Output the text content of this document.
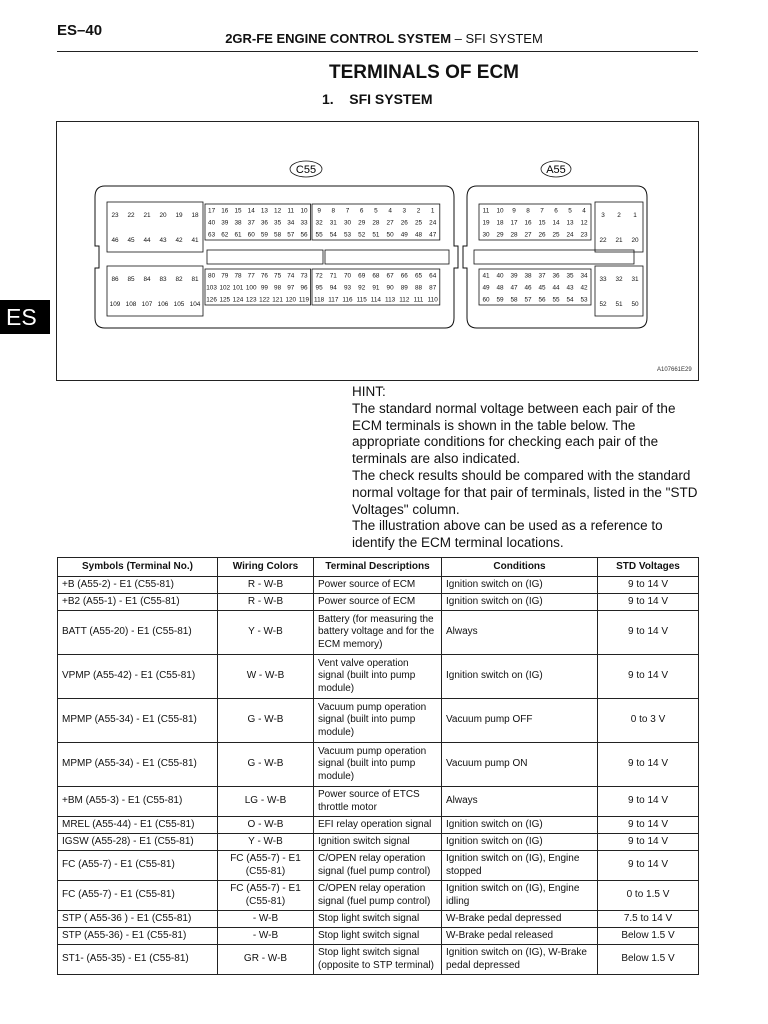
ES–40	2GR-FE ENGINE CONTROL SYSTEM – SFI SYSTEM
TERMINALS OF ECM
1. SFI SYSTEM
ES
C55	A55
23 22 21 20 19 18
46 45 44 43 42 41
17 16 15 14 13 12 11 10
40 39 38 37 36 35 34 33
63 62 61 60 59 58 57 56
9 8 7 6 5 4 3 2 1
32 31 30 29 28 27 26 25 24
55 54 53 52 51 50 49 48 47
86 85 84 83 82 81
109 108 107 106 105 104
80 79 78 77 76 75 74 73
103 102 101 100 99 98 97 96
126 125 124 123 122 121 120 119
72 71 70 69 68 67 66 65 64
95 94 93 92 91 90 89 88 87
118 117 116 115 114 113 112 111 110
11 10 9 8 7 6 5 4
19 18 17 16 15 14 13 12
30 29 28 27 26 25 24 23
3 2 1
22 21 20
41 40 39 38 37 36 35 34
49 48 47 46 45 44 43 42
60 59 58 57 56 55 54 53
33 32 31
52 51 50
A107661E29

HINT:

The standard normal voltage between each pair of the ECM terminals is shown in the table below. The appropriate conditions for checking each pair of the terminals are also indicated.

The check results should be compared with the standard normal voltage for that pair of terminals, listed in the "STD Voltages" column.

The illustration above can be used as a reference to identify the ECM terminal locations.

Symbols (Terminal No.)	Wiring Colors	Terminal Descriptions	Conditions	STD Voltages
+B (A55-2) - E1 (C55-81)	R - W-B	Power source of ECM	Ignition switch on (IG)	9 to 14 V
+B2 (A55-1) - E1 (C55-81)	R - W-B	Power source of ECM	Ignition switch on (IG)	9 to 14 V
BATT (A55-20) - E1 (C55-81)	Y - W-B	Battery (for measuring the battery voltage and for the ECM memory)	Always	9 to 14 V
VPMP (A55-42) - E1 (C55-81)	W - W-B	Vent valve operation signal (built into pump module)	Ignition switch on (IG)	9 to 14 V
MPMP (A55-34) - E1 (C55-81)	G - W-B	Vacuum pump operation signal (built into pump module)	Vacuum pump OFF	0 to 3 V
MPMP (A55-34) - E1 (C55-81)	G - W-B	Vacuum pump operation signal (built into pump module)	Vacuum pump ON	9 to 14 V
+BM (A55-3) - E1 (C55-81)	LG - W-B	Power source of ETCS throttle motor	Always	9 to 14 V
MREL (A55-44) - E1 (C55-81)	O - W-B	EFI relay operation signal	Ignition switch on (IG)	9 to 14 V
IGSW (A55-28) - E1 (C55-81)	Y - W-B	Ignition switch signal	Ignition switch on (IG)	9 to 14 V
FC (A55-7) - E1 (C55-81)	FC (A55-7) - E1 (C55-81)	C/OPEN relay operation signal (fuel pump control)	Ignition switch on (IG), Engine stopped	9 to 14 V
FC (A55-7) - E1 (C55-81)	FC (A55-7) - E1 (C55-81)	C/OPEN relay operation signal (fuel pump control)	Ignition switch on (IG), Engine idling	0 to 1.5 V
STP ( A55-36 ) - E1 (C55-81)	- W-B	Stop light switch signal	W-Brake pedal depressed	7.5 to 14 V
STP (A55-36) - E1 (C55-81)	- W-B	Stop light switch signal	W-Brake pedal released	Below 1.5 V
ST1- (A55-35) - E1 (C55-81)	GR - W-B	Stop light switch signal (opposite to STP terminal)	Ignition switch on (IG), W-Brake pedal depressed	Below 1.5 V
